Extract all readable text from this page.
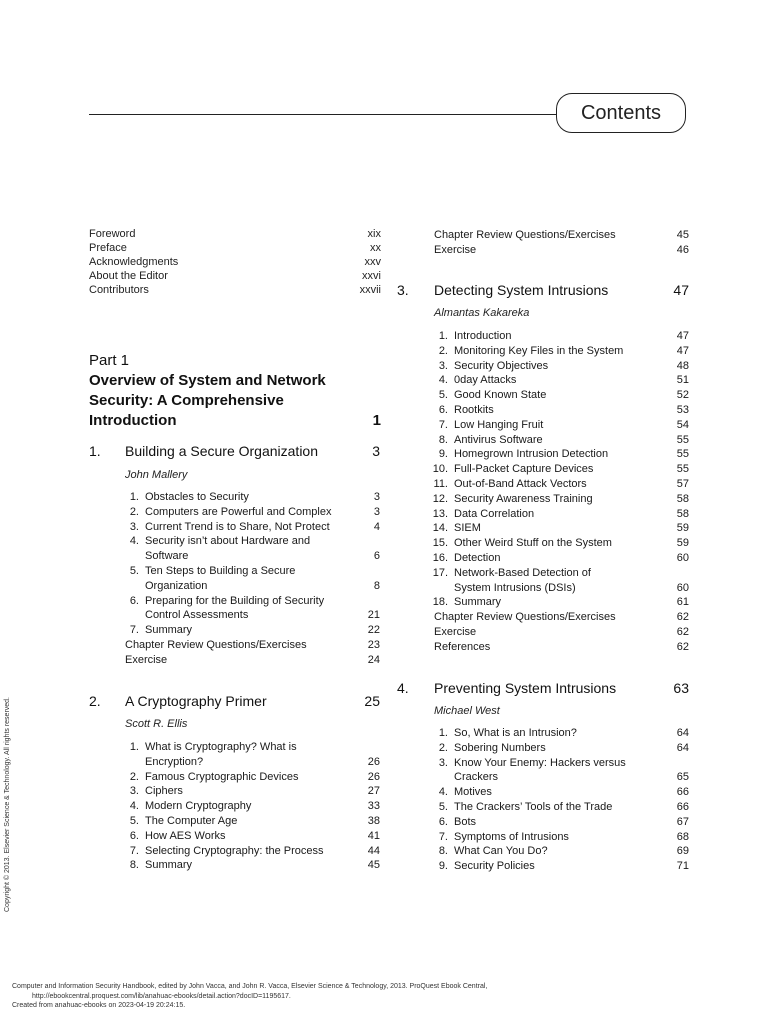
Contents
Foreword	xix
Preface	xx
Acknowledgments	xxv
About the Editor	xxvi
Contributors	xxvii
Part 1
Overview of System and Network
Security: A Comprehensive
Introduction	1
1. Building a Secure Organization	3
John Mallery
1. Obstacles to Security	3
2. Computers are Powerful and Complex	3
3. Current Trend is to Share, Not Protect	4
4. Security isn’t about Hardware and
Software	6
5. Ten Steps to Building a Secure
Organization	8
6. Preparing for the Building of Security
Control Assessments	21
7. Summary	22
Chapter Review Questions/Exercises	23
Exercise	24
2. A Cryptography Primer	25
Scott R. Ellis
1. What is Cryptography? What is
Encryption?	26
2. Famous Cryptographic Devices	26
3. Ciphers	27
4. Modern Cryptography	33
5. The Computer Age	38
6. How AES Works	41
7. Selecting Cryptography: the Process	44
8. Summary	45
Chapter Review Questions/Exercises	45
Exercise	46
3. Detecting System Intrusions	47
Almantas Kakareka
1. Introduction	47
2. Monitoring Key Files in the System	47
3. Security Objectives	48
4. 0day Attacks	51
5. Good Known State	52
6. Rootkits	53
7. Low Hanging Fruit	54
8. Antivirus Software	55
9. Homegrown Intrusion Detection	55
10. Full-Packet Capture Devices	55
11. Out-of-Band Attack Vectors	57
12. Security Awareness Training	58
13. Data Correlation	58
14. SIEM	59
15. Other Weird Stuff on the System	59
16. Detection	60
17. Network-Based Detection of
System Intrusions (DSIs)	60
18. Summary	61
Chapter Review Questions/Exercises	62
Exercise	62
References	62
4. Preventing System Intrusions	63
Michael West
1. So, What is an Intrusion?	64
2. Sobering Numbers	64
3. Know Your Enemy: Hackers versus
Crackers	65
4. Motives	66
5. The Crackers’ Tools of the Trade	66
6. Bots	67
7. Symptoms of Intrusions	68
8. What Can You Do?	69
9. Security Policies	71
Copyright © 2013. Elsevier Science & Technology. All rights reserved.
Computer and Information Security Handbook, edited by John Vacca, and John R. Vacca, Elsevier Science & Technology, 2013. ProQuest Ebook Central,
http://ebookcentral.proquest.com/lib/anahuac-ebooks/detail.action?docID=1195617.
Created from anahuac-ebooks on 2023-04-19 20:24:15.
